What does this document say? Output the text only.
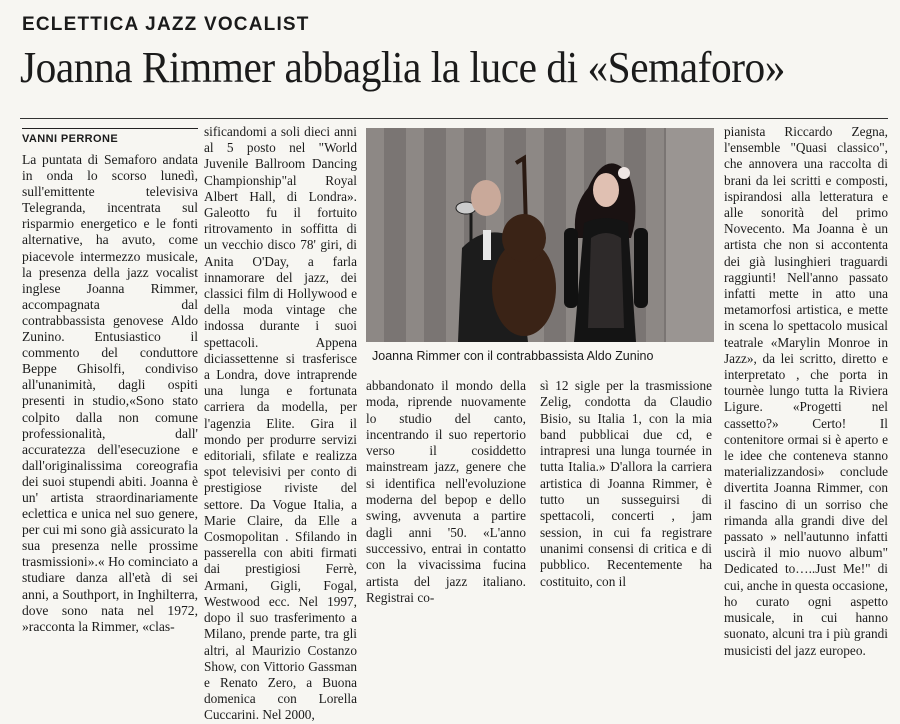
ECLETTICA JAZZ VOCALIST
Joanna Rimmer abbaglia la luce di «Semaforo»
VANNI PERRONE

La puntata di Semaforo andata in onda lo scorso lunedì, sull'emittente televisiva Telegranda, incentrata sul risparmio energetico e le fonti alternative, ha avuto, come piacevole intermezzo musicale, la presenza della jazz vocalist inglese Joanna Rimmer, accompagnata dal contrabbassista genovese Aldo Zunino. Entusiastico il commento del conduttore Beppe Ghisolfi, condiviso all'unanimità, dagli ospiti presenti in studio,«Sono stato colpito dalla non comune professionalità, dall' accuratezza dell'esecuzione e dall'originalissima coreografia dei suoi stupendi abiti. Joanna è un' artista straordinariamente eclettica e unica nel suo genere, per cui mi sono già assicurato la sua presenza nelle prossime trasmissioni».« Ho cominciato a studiare danza all'età di sei anni, a Southport, in Inghilterra, dove sono nata nel 1972, »racconta la Rimmer, «clas-

sificandomi a soli dieci anni al 5 posto nel "World Juvenile Ballroom Dancing Championship"al Royal Albert Hall, di Londra». Galeotto fu il fortuito ritrovamento in soffitta di un vecchio disco 78' giri, di Anita O'Day, a farla innamorare del jazz, dei classici film di Hollywood e della moda vintage che indossa durante i suoi spettacoli. Appena diciassettenne si trasferisce a Londra, dove intraprende una lunga e fortunata carriera da modella, per l'agenzia Elite. Gira il mondo per produrre servizi editoriali, sfilate e realizza spot televisivi per conto di prestigiose riviste del settore. Da Vogue Italia, a Marie Claire, da Elle a Cosmopolitan . Sfilando in passerella con abiti firmati dai prestigiosi Ferrè, Armani, Gigli, Fogal, Westwood ecc. Nel 1997, dopo il suo trasferimento a Milano, prende parte, tra gli altri, al Maurizio Costanzo Show, con Vittorio Gassman e Renato Zero, a Buona domenica con Lorella Cuccarini. Nel 2000,

Joanna Rimmer con il contrabbassista Aldo Zunino

abbandonato il mondo della moda, riprende nuovamente lo studio del canto, incentrando il suo repertorio verso il cosiddetto mainstream jazz, genere che si identifica nell'evoluzione moderna del bepop e dello swing, avvenuta a partire dagli anni '50. «L'anno successivo, entrai in contatto con la vivacissima fucina artista del jazz italiano. Registrai co-

sì 12 sigle per la trasmissione Zelig, condotta da Claudio Bisio, su Italia 1, con la mia band pubblicai due cd, e intrapresi una lunga tournée in tutta Italia.» D'allora la carriera artistica di Joanna Rimmer, è tutto un susseguirsi di spettacoli, concerti , jam session, in cui fa registrare unanimi consensi di critica e di pubblico. Recentemente ha costituito, con il

pianista Riccardo Zegna, l'ensemble "Quasi classico", che annovera una raccolta di brani da lei scritti e composti, ispirandosi alla letteratura e alle sonorità del primo Novecento. Ma Joanna è un artista che non si accontenta dei già lusinghieri traguardi raggiunti! Nell'anno passato infatti mette in atto una metamorfosi artistica, e mette in scena lo spettacolo musical teatrale «Marylin Monroe in Jazz», da lei scritto, diretto e interpretato , che porta in tournèe lungo tutta la Riviera Ligure. «Progetti nel cassetto?» Certo! Il contenitore ormai si è aperto e le idee che conteneva stanno materializzandosi» conclude divertita Joanna Rimmer, con il fascino di un sorriso che rimanda alla grandi dive del passato » nell'autunno infatti uscirà il mio nuovo album" Dedicated to…..Just Me!" di cui, anche in questa occasione, ho curato ogni aspetto musicale, in cui hanno suonato, alcuni tra i più grandi musicisti del jazz europeo.
